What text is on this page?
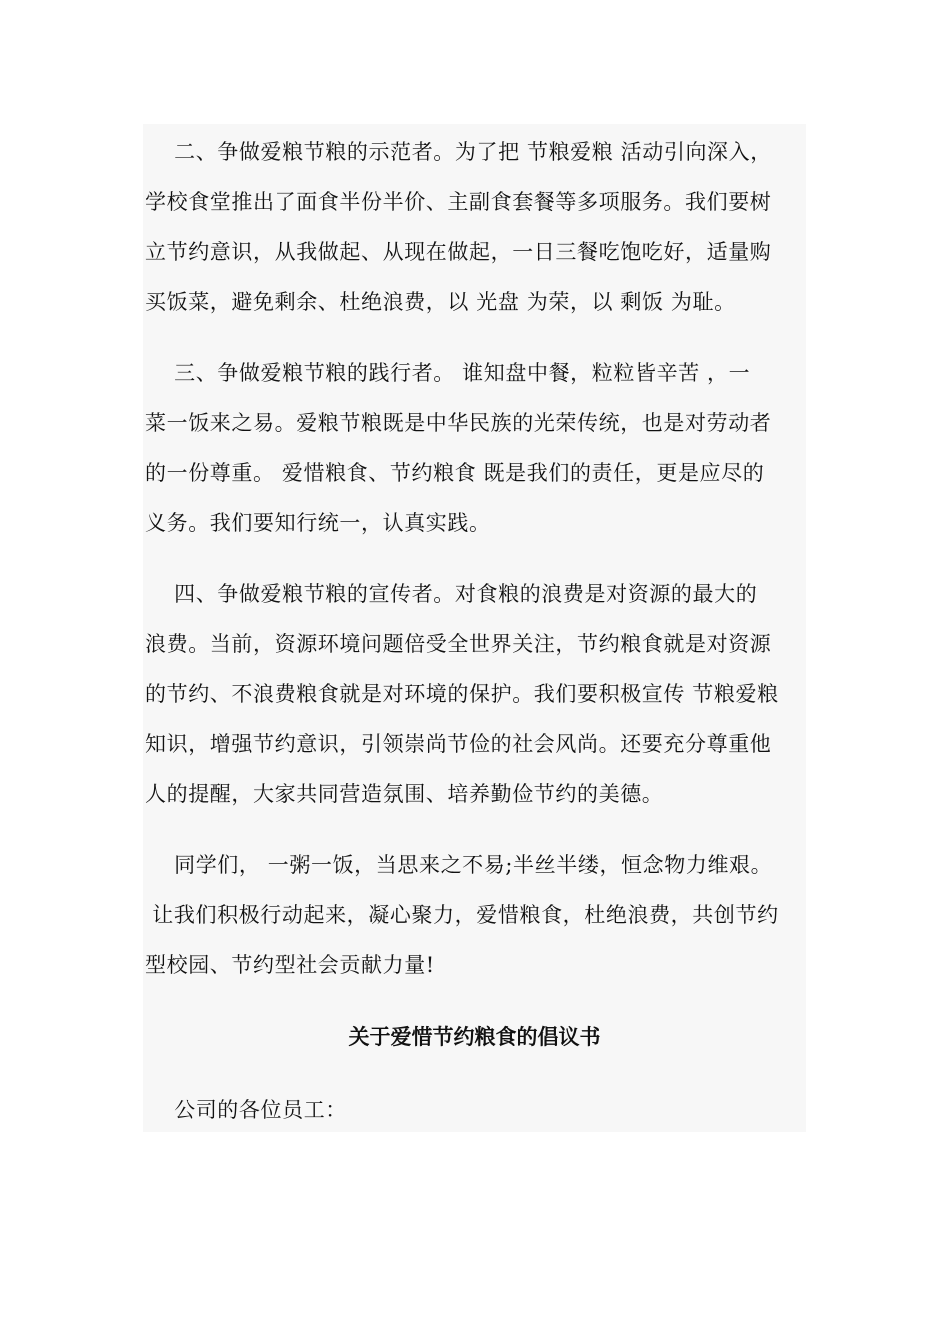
二、争做爱粮节粮的示范者。为了把 节粮爱粮 活动引向深入，
学校食堂推出了面食半份半价、主副食套餐等多项服务。我们要树
立节约意识，从我做起、从现在做起，一日三餐吃饱吃好，适量购
买饭菜，避免剩余、杜绝浪费，以 光盘 为荣，以 剩饭 为耻。
三、争做爱粮节粮的践行者。 谁知盘中餐，粒粒皆辛苦 ，一
菜一饭来之易。爱粮节粮既是中华民族的光荣传统，也是对劳动者
的一份尊重。 爱惜粮食、节约粮食 既是我们的责任，更是应尽的
义务。我们要知行统一，认真实践。
四、争做爱粮节粮的宣传者。对食粮的浪费是对资源的最大的
浪费。当前，资源环境问题倍受全世界关注，节约粮食就是对资源
的节约、不浪费粮食就是对环境的保护。我们要积极宣传 节粮爱粮
知识，增强节约意识，引领崇尚节俭的社会风尚。还要充分尊重他
人的提醒，大家共同营造氛围、培养勤俭节约的美德。
同学们， 一粥一饭，当思来之不易;半丝半缕，恒念物力维艰。
让我们积极行动起来，凝心聚力，爱惜粮食，杜绝浪费，共创节约
型校园、节约型社会贡献力量!
关于爱惜节约粮食的倡议书
公司的各位员工：
